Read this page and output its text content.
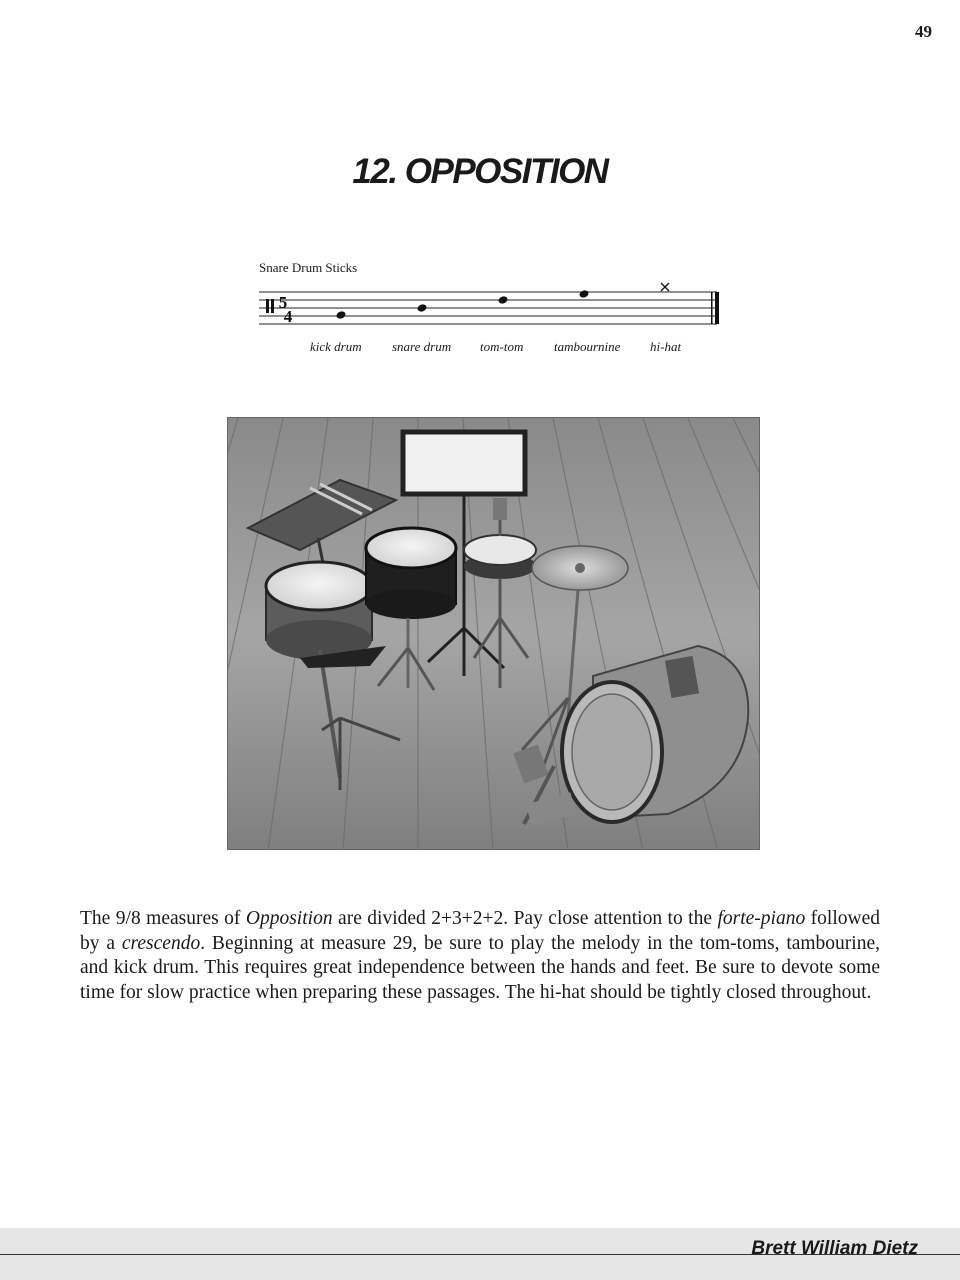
49
12. OPPOSITION
Snare Drum Sticks
5
4
kick drum snare drum tom-tom tambournine hi-hat
The 9/8 measures of Opposition are divided 2+3+2+2. Pay close attention to the forte-piano followed by a crescendo. Beginning at measure 29, be sure to play the melody in the tom-toms, tambourine, and kick drum. This requires great independence between the hands and feet. Be sure to devote some time for slow practice when preparing these passages. The hi-hat should be tightly closed throughout.
Brett William Dietz
